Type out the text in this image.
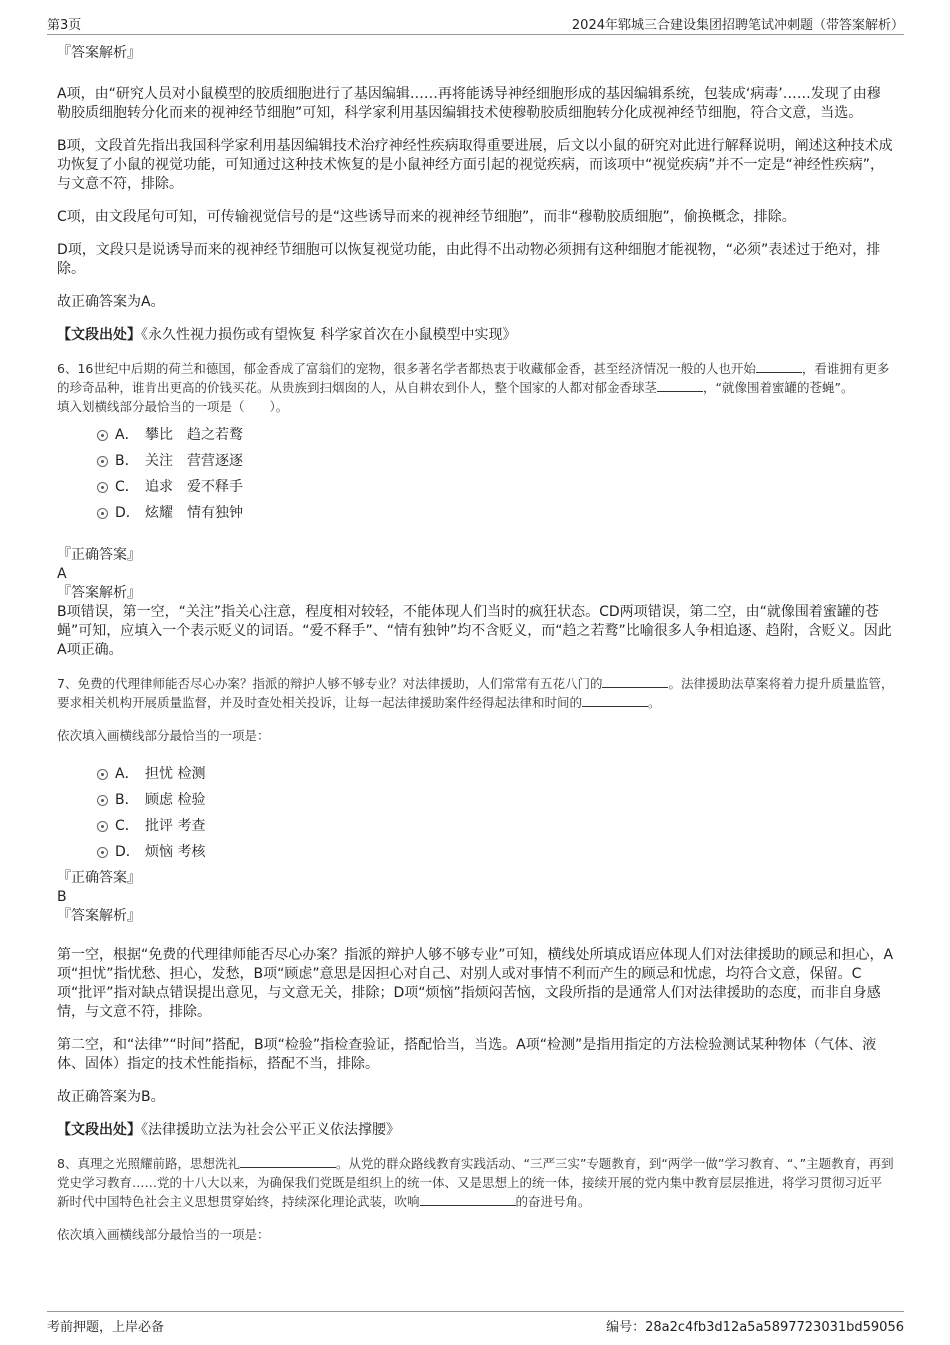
第3页	2024年郓城三合建设集团招聘笔试冲刺题（带答案解析）

『答案解析』

A项，由“研究人员对小鼠模型的胶质细胞进行了基因编辑……再将能诱导神经细胞形成的基因编辑系统，包装成‘病毒’……发现了由穆勒胶质细胞转分化而来的视神经节细胞”可知，科学家利用基因编辑技术使穆勒胶质细胞转分化成视神经节细胞，符合文意，当选。

B项，文段首先指出我国科学家利用基因编辑技术治疗神经性疾病取得重要进展，后文以小鼠的研究对此进行解释说明，阐述这种技术成功恢复了小鼠的视觉功能，可知通过这种技术恢复的是小鼠神经方面引起的视觉疾病，而该项中“视觉疾病”并不一定是“神经性疾病”，与文意不符，排除。

C项，由文段尾句可知，可传输视觉信号的是“这些诱导而来的视神经节细胞”，而非“穆勒胶质细胞”，偷换概念，排除。

D项，文段只是说诱导而来的视神经节细胞可以恢复视觉功能，由此得不出动物必须拥有这种细胞才能视物，“必须”表述过于绝对，排除。

故正确答案为A。

【文段出处】《永久性视力损伤或有望恢复 科学家首次在小鼠模型中实现》

6、16世纪中后期的荷兰和德国，郁金香成了富翁们的宠物，很多著名学者都热衷于收藏郁金香，甚至经济情况一般的人也开始	，看谁拥有更多的珍奇品种，谁肯出更高的价钱买花。从贵族到扫烟囱的人，从自耕农到仆人，整个国家的人都对郁金香球茎	，“就像围着蜜罐的苍蝇”。

填入划横线部分最恰当的一项是（　　）。

A． 攀比　趋之若鹜
B． 关注　营营逐逐
C． 追求　爱不释手
D． 炫耀　情有独钟

『正确答案』

A

『答案解析』

B项错误，第一空，“关注”指关心注意，程度相对较轻，不能体现人们当时的疯狂状态。CD两项错误，第二空，由“就像围着蜜罐的苍蝇”可知，应填入一个表示贬义的词语。“爱不释手”、“情有独钟”均不含贬义，而“趋之若鹜”比喻很多人争相追逐、趋附，含贬义。因此A项正确。

7、免费的代理律师能否尽心办案？指派的辩护人够不够专业？对法律援助，人们常常有五花八门的	。法律援助法草案将着力提升质量监管，要求相关机构开展质量监督，并及时查处相关投诉，让每一起法律援助案件经得起法律和时间的	。

依次填入画横线部分最恰当的一项是：

A． 担忧 检测
B． 顾虑 检验
C． 批评 考查
D． 烦恼 考核

『正确答案』

B

『答案解析』

第一空，根据“免费的代理律师能否尽心办案？指派的辩护人够不够专业”可知，横线处所填成语应体现人们对法律援助的顾忌和担心，A项“担忧”指忧愁、担心，发愁，B项“顾虑”意思是因担心对自己、对别人或对事情不利而产生的顾忌和忧虑，均符合文意，保留。C项“批评”指对缺点错误提出意见，与文意无关，排除；D项“烦恼”指烦闷苦恼，文段所指的是通常人们对法律援助的态度，而非自身感情，与文意不符，排除。

第二空，和“法律”“时间”搭配，B项“检验”指检查验证，搭配恰当，当选。A项“检测”是指用指定的方法检验测试某种物体（气体、液体、固体）指定的技术性能指标，搭配不当，排除。

故正确答案为B。

【文段出处】《法律援助立法为社会公平正义依法撑腰》

8、真理之光照耀前路，思想洗礼	。从党的群众路线教育实践活动、“三严三实”专题教育，到“两学一做”学习教育、“、”主题教育，再到党史学习教育……党的十八大以来，为确保我们党既是组织上的统一体、又是思想上的统一体，接续开展的党内集中教育层层推进，将学习贯彻习近平新时代中国特色社会主义思想贯穿始终，持续深化理论武装，吹响	的奋进号角。

依次填入画横线部分最恰当的一项是：

考前押题，上岸必备	编号：28a2c4fb3d12a5a5897723031bd59056
